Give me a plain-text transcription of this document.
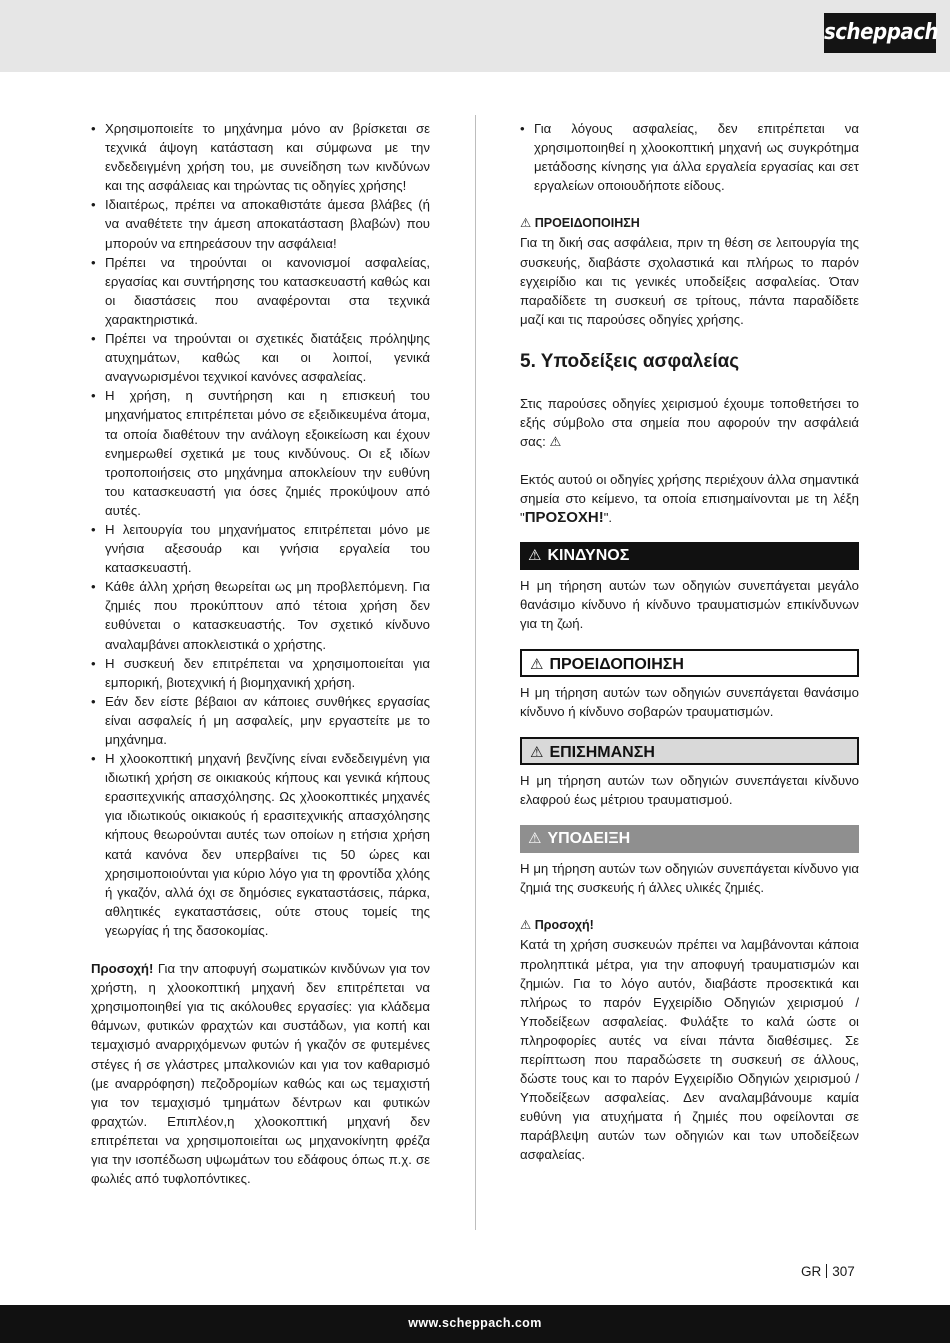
scheppach
• Χρησιμοποιείτε το μηχάνημα μόνο αν βρίσκεται σε τεχνικά άψογη κατάσταση και σύμφωνα με την ενδεδειγμένη χρήση του, με συνείδηση των κινδύνων και της ασφάλειας και τηρώντας τις οδηγίες χρήσης!
• Ιδιαιτέρως, πρέπει να αποκαθιστάτε άμεσα βλάβες (ή να αναθέτετε την άμεση αποκατάσταση βλαβών) που μπορούν να επηρεάσουν την ασφάλεια!
• Πρέπει να τηρούνται οι κανονισμοί ασφαλείας, εργασίας και συντήρησης του κατασκευαστή καθώς και οι διαστάσεις που αναφέρονται στα τεχνικά χαρακτηριστικά.
• Πρέπει να τηρούνται οι σχετικές διατάξεις πρόληψης ατυχημάτων, καθώς και οι λοιποί, γενικά αναγνωρισμένοι τεχνικοί κανόνες ασφαλείας.
• Η χρήση, η συντήρηση και η επισκευή του μηχανήματος επιτρέπεται μόνο σε εξειδικευμένα άτομα, τα οποία διαθέτουν την ανάλογη εξοικείωση και έχουν ενημερωθεί σχετικά με τους κινδύνους. Οι εξ ιδίων τροποποιήσεις στο μηχάνημα αποκλείουν την ευθύνη του κατασκευαστή για όσες ζημιές προκύψουν από αυτές.
• Η λειτουργία του μηχανήματος επιτρέπεται μόνο με γνήσια αξεσουάρ και γνήσια εργαλεία του κατασκευαστή.
• Κάθε άλλη χρήση θεωρείται ως μη προβλεπόμενη. Για ζημιές που προκύπτουν από τέτοια χρήση δεν ευθύνεται ο κατασκευαστής. Τον σχετικό κίνδυνο αναλαμβάνει αποκλειστικά ο χρήστης.
• Η συσκευή δεν επιτρέπεται να χρησιμοποιείται για εμπορική, βιοτεχνική ή βιομηχανική χρήση.
• Εάν δεν είστε βέβαιοι αν κάποιες συνθήκες εργασίας είναι ασφαλείς ή μη ασφαλείς, μην εργαστείτε με το μηχάνημα.
• Η χλοοκοπτική μηχανή βενζίνης είναι ενδεδειγμένη για ιδιωτική χρήση σε οικιακούς κήπους και γενικά κήπους ερασιτεχνικής απασχόλησης. Ως χλοοκοπτικές μηχανές για ιδιωτικούς οικιακούς ή ερασιτεχνικής απασχόλησης κήπους θεωρούνται αυτές των οποίων η ετήσια χρήση κατά κανόνα δεν υπερβαίνει τις 50 ώρες και χρησιμοποιούνται για κύριο λόγο για τη φροντίδα χλόης ή γκαζόν, αλλά όχι σε δημόσιες εγκαταστάσεις, πάρκα, αθλητικές εγκαταστάσεις, ούτε στους τομείς της γεωργίας ή της δασοκομίας.

Προσοχή! Για την αποφυγή σωματικών κινδύνων για τον χρήστη, η χλοοκοπτική μηχανή δεν επιτρέπεται να χρησιμοποιηθεί για τις ακόλουθες εργασίες: για κλάδεμα θάμνων, φυτικών φραχτών και συστάδων, για κοπή και τεμαχισμό αναρριχόμενων φυτών ή γκαζόν σε φυτεμένες στέγες ή σε γλάστρες μπαλκονιών και για τον καθαρισμό (με αναρρόφηση) πεζοδρομίων καθώς και ως τεμαχιστή για τον τεμαχισμό τμημάτων δέντρων και φυτικών φραχτών. Επιπλέον,η χλοοκοπτική μηχανή δεν επιτρέπεται να χρησιμοποιείται ως μηχανοκίνητη φρέζα για την ισοπέδωση υψωμάτων του εδάφους όπως π.χ. σε φωλιές από τυφλοπόντικες.

• Για λόγους ασφαλείας, δεν επιτρέπεται να χρησιμοποιηθεί η χλοοκοπτική μηχανή ως συγκρότημα μετάδοσης κίνησης για άλλα εργαλεία εργασίας και σετ εργαλείων οποιουδήποτε είδους.
⚠ ΠΡΟΕΙΔΟΠΟΙΗΣΗ

Για τη δική σας ασφάλεια, πριν τη θέση σε λειτουργία της συσκευής, διαβάστε σχολαστικά και πλήρως το παρόν εγχειρίδιο και τις γενικές υποδείξεις ασφαλείας. Όταν παραδίδετε τη συσκευή σε τρίτους, πάντα παραδίδετε μαζί και τις παρούσες οδηγίες χρήσης.

5. Υποδείξεις ασφαλείας

Στις παρούσες οδηγίες χειρισμού έχουμε τοποθετήσει το εξής σύμβολο στα σημεία που αφορούν την ασφάλειά σας: ⚠

Εκτός αυτού οι οδηγίες χρήσης περιέχουν άλλα σημαντικά σημεία στο κείμενο, τα οποία επισημαίνονται με τη λέξη "ΠΡΟΣΟΧΗ!".

⚠ ΚΙΝΔΥΝΟΣ

Η μη τήρηση αυτών των οδηγιών συνεπάγεται μεγάλο θανάσιμο κίνδυνο ή κίνδυνο τραυματισμών επικίνδυνων για τη ζωή.

⚠ ΠΡΟΕΙΔΟΠΟΙΗΣΗ

Η μη τήρηση αυτών των οδηγιών συνεπάγεται θανάσιμο κίνδυνο ή κίνδυνο σοβαρών τραυματισμών.

⚠ ΕΠΙΣΗΜΑΝΣΗ

Η μη τήρηση αυτών των οδηγιών συνεπάγεται κίνδυνο ελαφρού έως μέτριου τραυματισμού.

⚠ ΥΠΟΔΕΙΞΗ

Η μη τήρηση αυτών των οδηγιών συνεπάγεται κίνδυνο για ζημιά της συσκευής ή άλλες υλικές ζημιές.

⚠ Προσοχή!

Κατά τη χρήση συσκευών πρέπει να λαμβάνονται κάποια προληπτικά μέτρα, για την αποφυγή τραυματισμών και ζημιών. Για το λόγο αυτόν, διαβάστε προσεκτικά και πλήρως το παρόν Εγχειρίδιο Οδηγιών χειρισμού / Υποδείξεων ασφαλείας. Φυλάξτε το καλά ώστε οι πληροφορίες αυτές να είναι πάντα διαθέσιμες. Σε περίπτωση που παραδώσετε τη συσκευή σε άλλους, δώστε τους και το παρόν Εγχειρίδιο Οδηγιών χειρισμού / Υποδείξεων ασφαλείας. Δεν αναλαμβάνουμε καμία ευθύνη για ατυχήματα ή ζημιές που οφείλονται σε παράβλεψη αυτών των οδηγιών και των υποδείξεων ασφαλείας.

GR 307
www.scheppach.com
